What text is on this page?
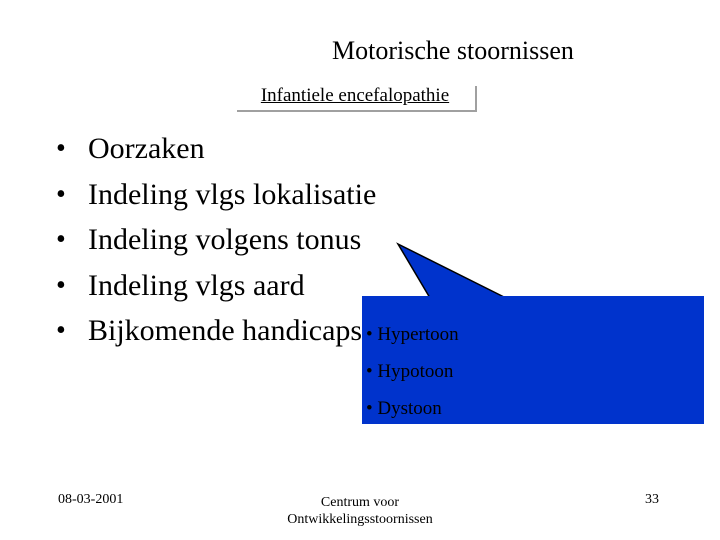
Motorische stoornissen
Infantiele encefalopathie
• Oorzaken
• Indeling vlgs lokalisatie
• Indeling volgens tonus
• Indeling vlgs aard
• Bijkomende handicaps • Hypertoon
• Hypotoon
• Dystoon
08-03-2001	Centrum voor
Ontwikkelingsstoornissen
33
